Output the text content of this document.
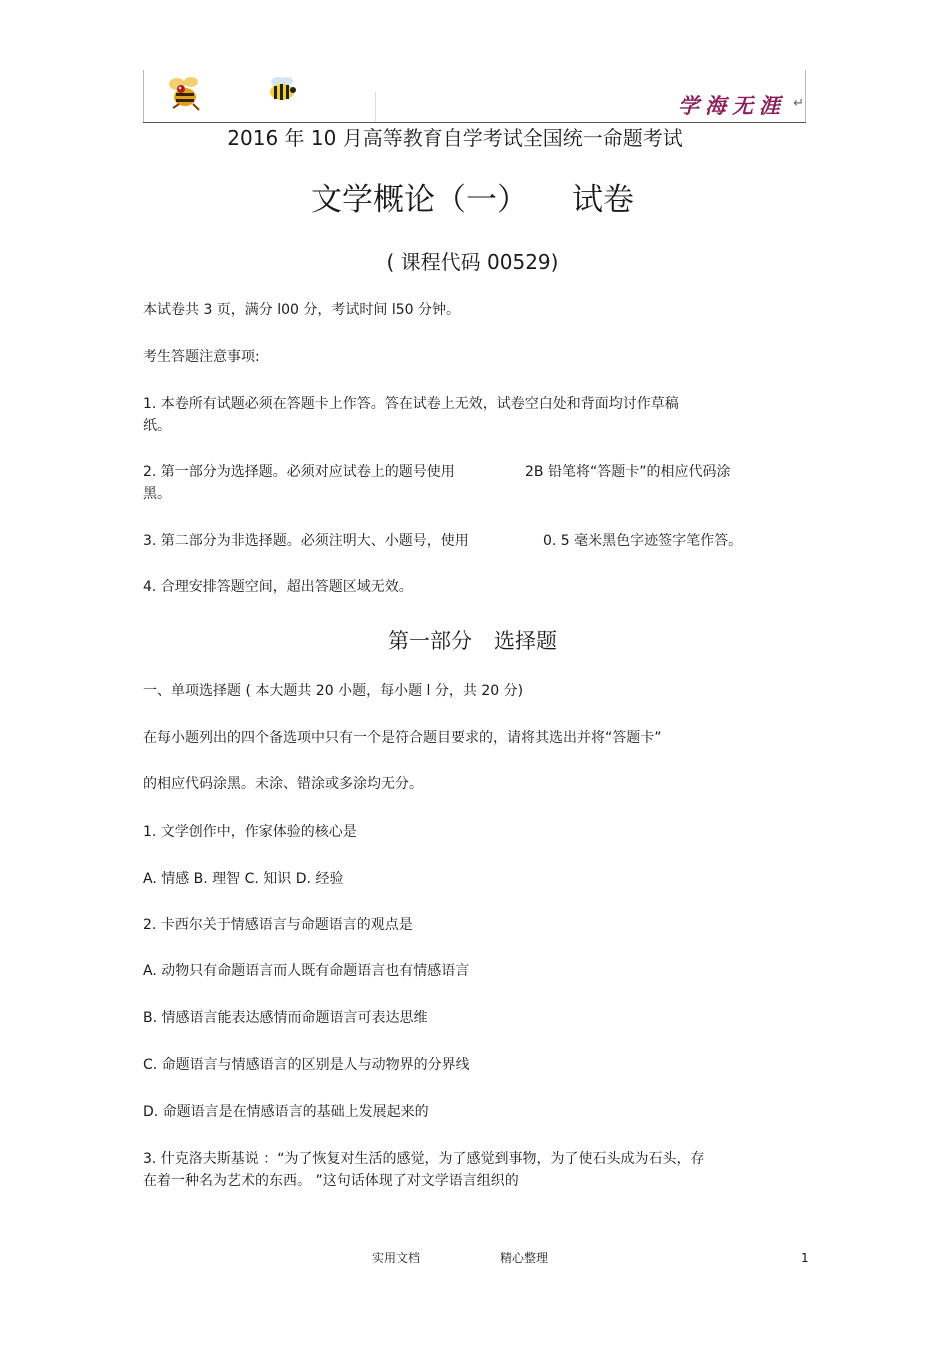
学海无涯 ↵
2016 年 10 月高等教育自学考试全国统一命题考试
文学概论（一） 试卷
( 课程代码 00529)
本试卷共 3 页，满分 l00 分，考试时间 l50 分钟。
考生答题注意事项:
1. 本卷所有试题必须在答题卡上作答。答在试卷上无效，试卷空白处和背面均讨作草稿
纸。
2. 第一部分为选择题。必须对应试卷上的题号使用	2B 铅笔将“答题卡”的相应代码涂
黑。
3. 第二部分为非选择题。必须注明大、小题号，使用	0. 5 毫米黑色字迹签字笔作答。
4. 合理安排答题空间，超出答题区域无效。
第一部分 选择题
一、单项选择题 ( 本大题共 20 小题，每小题 l 分，共 20 分)
在每小题列出的四个备选项中只有一个是符合题目要求的，请将其选出并将“答题卡”
的相应代码涂黑。未涂、错涂或多涂均无分。
1. 文学创作中，作家体验的核心是
A. 情感 B. 理智 C. 知识 D. 经验
2. 卡西尔关于情感语言与命题语言的观点是
A. 动物只有命题语言而人既有命题语言也有情感语言
B. 情感语言能表达感情而命题语言可表达思维
C. 命题语言与情感语言的区别是人与动物界的分界线
D. 命题语言是在情感语言的基础上发展起来的
3. 什克洛夫斯基说 ：“为了恢复对生活的感觉，为了感觉到事物，为了使石头成为石头，存
在着一种名为艺术的东西。 ”这句话体现了对文学语言组织的
实用文档	精心整理	1
